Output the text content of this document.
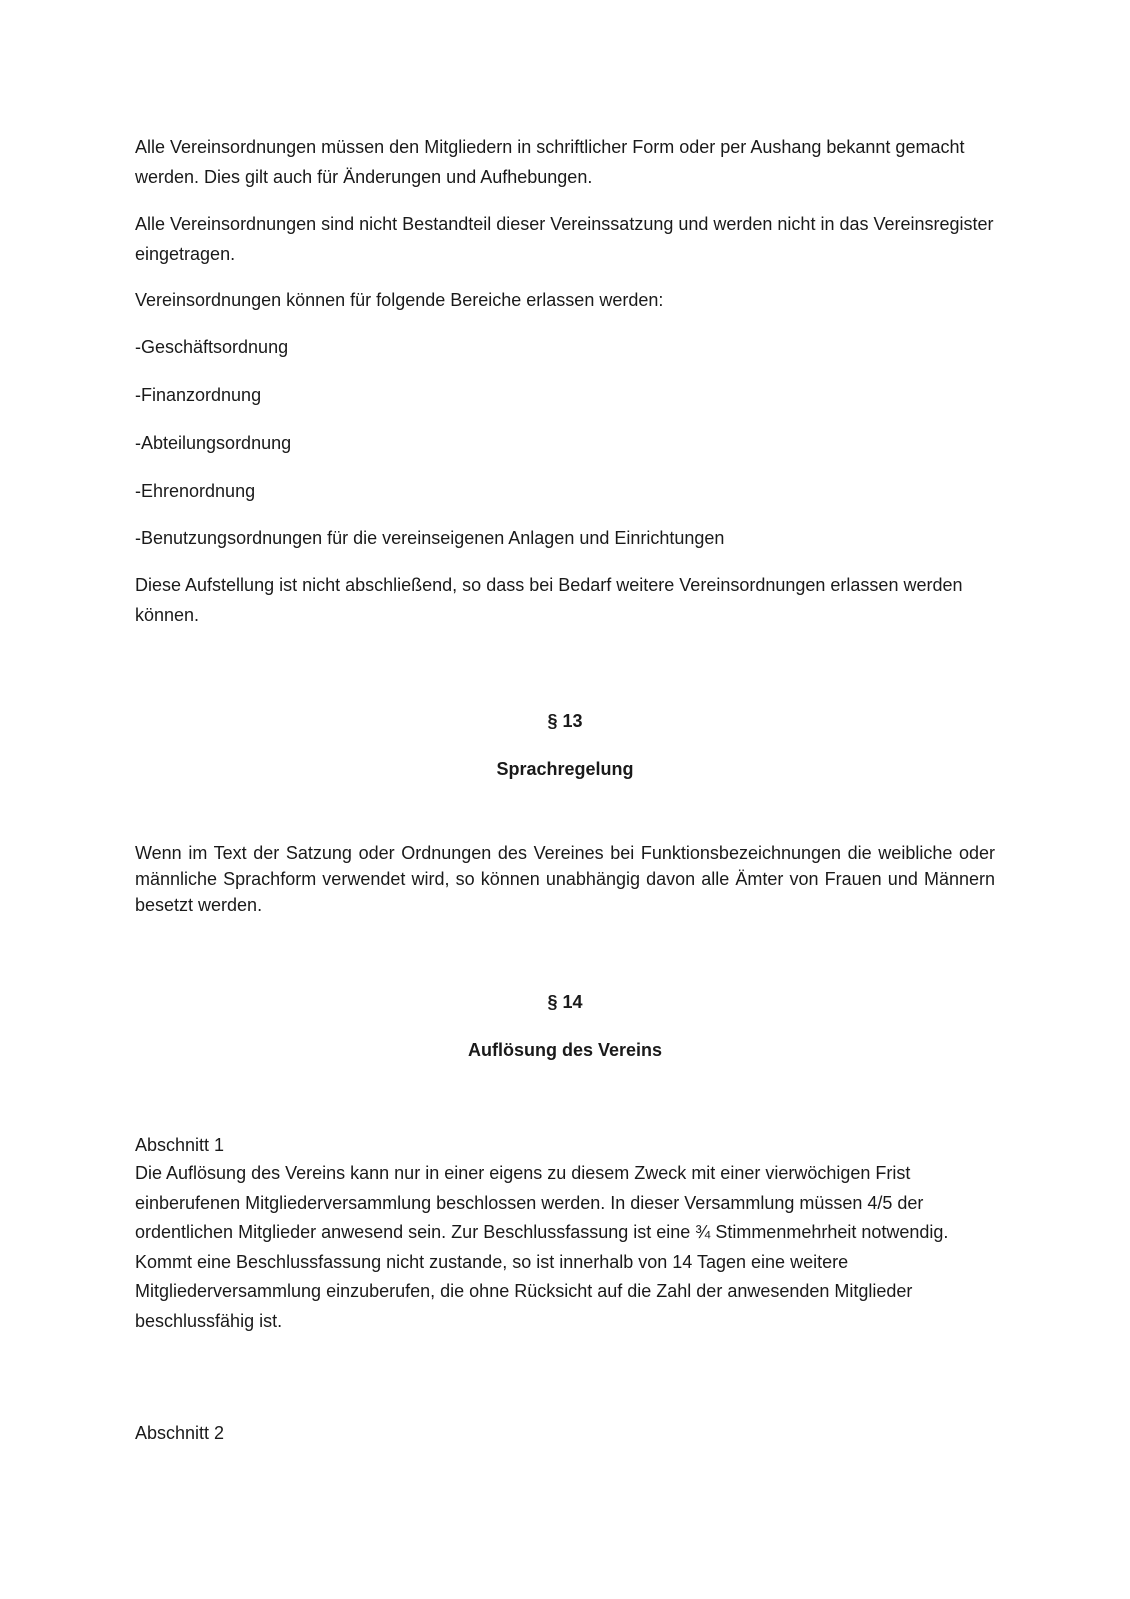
Alle Vereinsordnungen müssen den Mitgliedern in schriftlicher Form oder per Aushang bekannt gemacht werden. Dies gilt auch für Änderungen und Aufhebungen.

Alle Vereinsordnungen sind nicht Bestandteil dieser Vereinssatzung und werden nicht in das Vereinsregister eingetragen.

Vereinsordnungen können für folgende Bereiche erlassen werden:

-Geschäftsordnung

-Finanzordnung

-Abteilungsordnung

-Ehrenordnung

-Benutzungsordnungen für die vereinseigenen Anlagen und Einrichtungen

Diese Aufstellung ist nicht abschließend, so dass bei Bedarf weitere Vereinsordnungen erlassen werden können.

§ 13

Sprachregelung

Wenn im Text der Satzung oder Ordnungen des Vereines bei Funktionsbezeichnungen die weibliche oder männliche Sprachform verwendet wird, so können unabhängig davon alle Ämter von Frauen und Männern besetzt werden.

§ 14

Auflösung des Vereins

Abschnitt 1

Die Auflösung des Vereins kann nur in einer eigens zu diesem Zweck mit einer vierwöchigen Frist einberufenen Mitgliederversammlung beschlossen werden. In dieser Versammlung müssen 4/5 der ordentlichen Mitglieder anwesend sein. Zur Beschlussfassung ist eine ¾ Stimmenmehrheit notwendig. Kommt eine Beschlussfassung nicht zustande, so ist innerhalb von 14 Tagen eine weitere Mitgliederversammlung einzuberufen, die ohne Rücksicht auf die Zahl der anwesenden Mitglieder beschlussfähig ist.

Abschnitt 2
